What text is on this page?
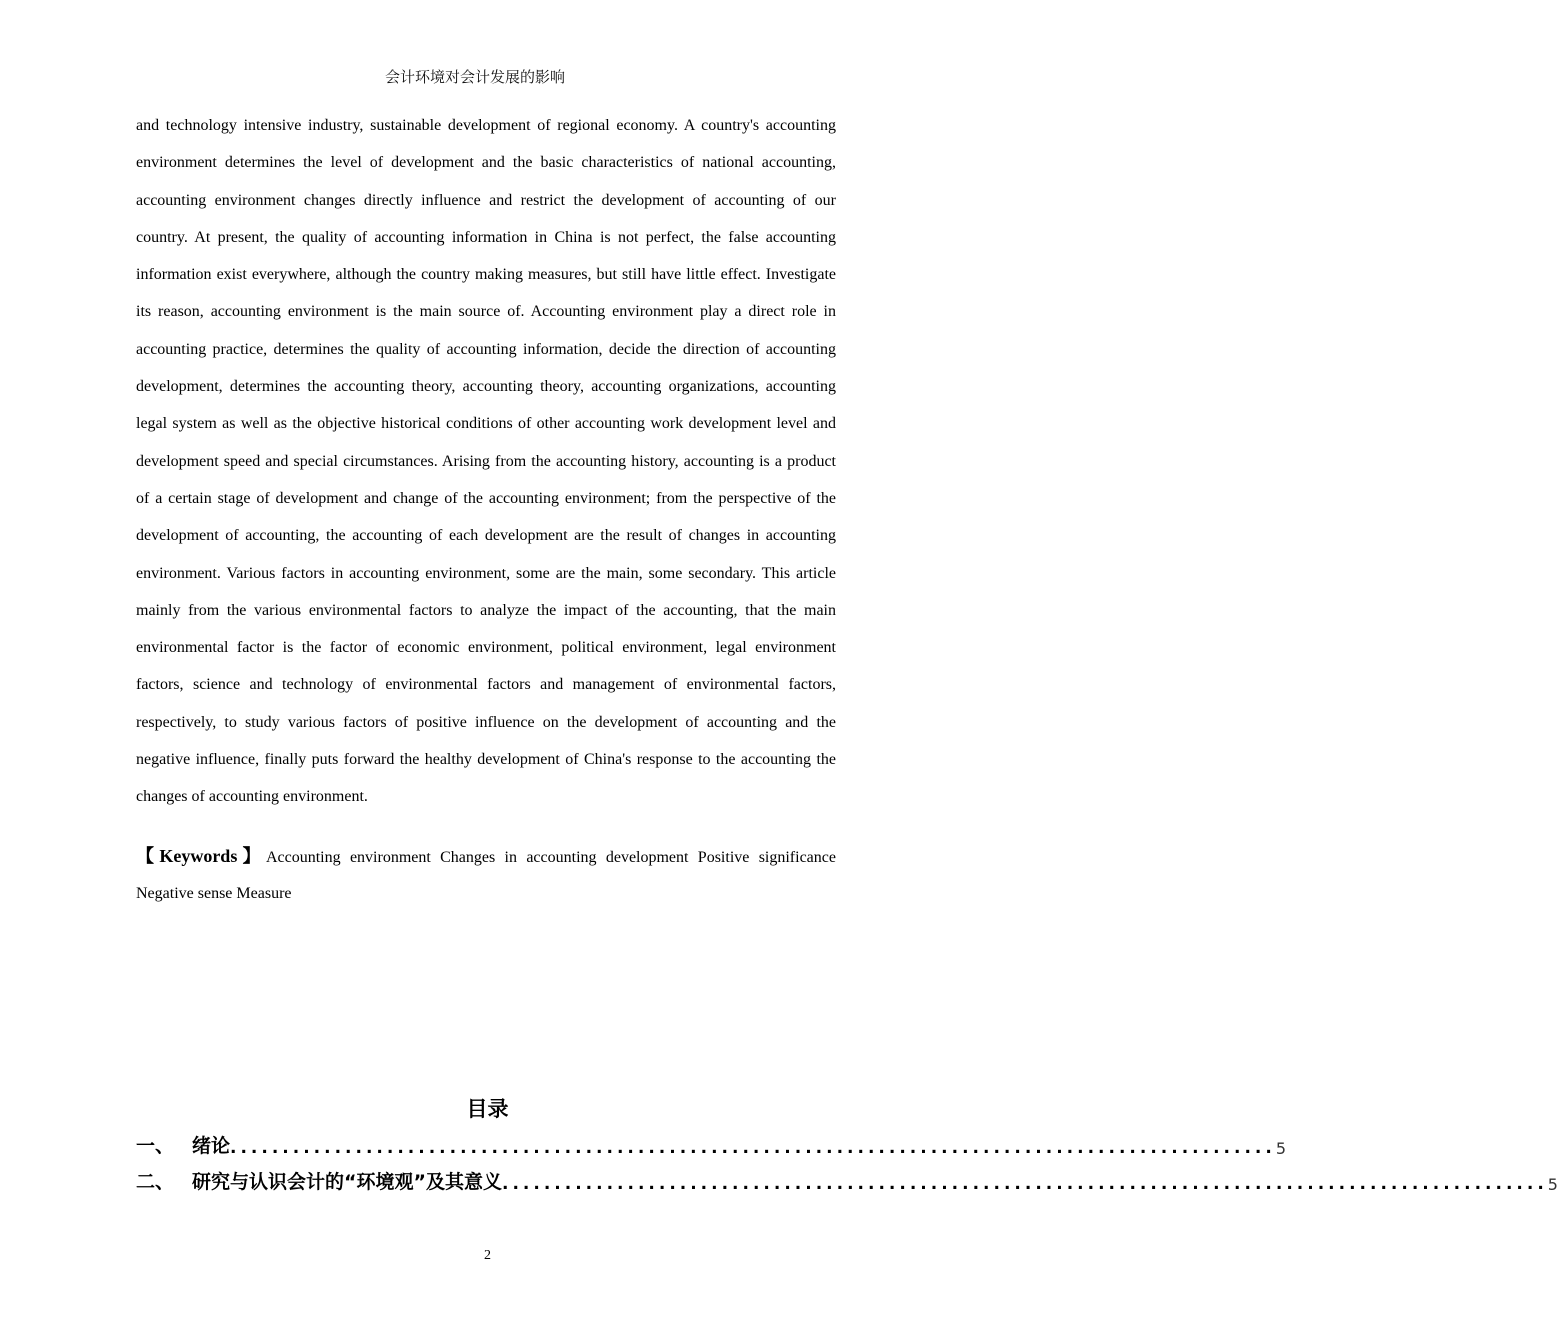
会计环境对会计发展的影响
and technology intensive industry, sustainable development of regional economy. A country's accounting environment determines the level of development and the basic characteristics of national accounting, accounting environment changes directly influence and restrict the development of accounting of our country. At present, the quality of accounting information in China is not perfect, the false accounting information exist everywhere, although the country making measures, but still have little effect. Investigate its reason, accounting environment is the main source of. Accounting environment play a direct role in accounting practice, determines the quality of accounting information, decide the direction of accounting development, determines the accounting theory, accounting theory, accounting organizations, accounting legal system as well as the objective historical conditions of other accounting work development level and development speed and special circumstances. Arising from the accounting history, accounting is a product of a certain stage of development and change of the accounting environment; from the perspective of the development of accounting, the accounting of each development are the result of changes in accounting environment. Various factors in accounting environment, some are the main, some secondary. This article mainly from the various environmental factors to analyze the impact of the accounting, that the main environmental factor is the factor of economic environment, political environment, legal environment factors, science and technology of environmental factors and management of environmental factors, respectively, to study various factors of positive influence on the development of accounting and the negative influence, finally puts forward the healthy development of China's response to the accounting the changes of accounting environment.
【Keywords】Accounting environment Changes in accounting development Positive significance Negative sense Measure
目录
一、 绪论 .................................................................................................... 5
二、 研究与认识会计的“环境观”及其意义 .................................................................................................... 5
2
